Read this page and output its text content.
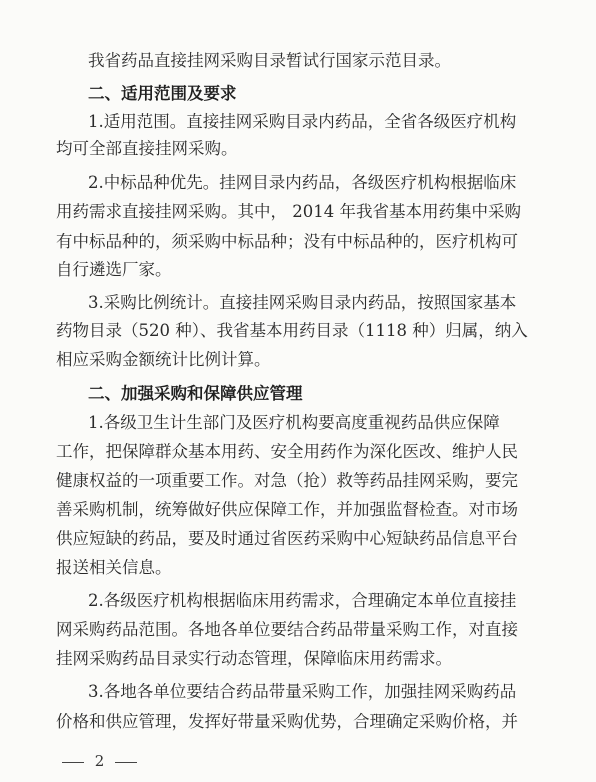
我省药品直接挂网采购目录暂试行国家示范目录。
二、适用范围及要求
1.适用范围。直接挂网采购目录内药品，全省各级医疗机构
均可全部直接挂网采购。
2.中标品种优先。挂网目录内药品，各级医疗机构根据临床
用药需求直接挂网采购。其中， 2014 年我省基本用药集中采购
有中标品种的，须采购中标品种；没有中标品种的，医疗机构可
自行遴选厂家。
3.采购比例统计。直接挂网采购目录内药品，按照国家基本
药物目录（520 种）、我省基本用药目录（1118 种）归属，纳入
相应采购金额统计比例计算。
二、加强采购和保障供应管理
1.各级卫生计生部门及医疗机构要高度重视药品供应保障
工作，把保障群众基本用药、安全用药作为深化医改、维护人民
健康权益的一项重要工作。对急（抢）救等药品挂网采购，要完
善采购机制，统筹做好供应保障工作，并加强监督检查。对市场
供应短缺的药品，要及时通过省医药采购中心短缺药品信息平台
报送相关信息。
2.各级医疗机构根据临床用药需求，合理确定本单位直接挂
网采购药品范围。各地各单位要结合药品带量采购工作，对直接
挂网采购药品目录实行动态管理，保障临床用药需求。
3.各地各单位要结合药品带量采购工作，加强挂网采购药品
价格和供应管理，发挥好带量采购优势，合理确定采购价格，并
2
